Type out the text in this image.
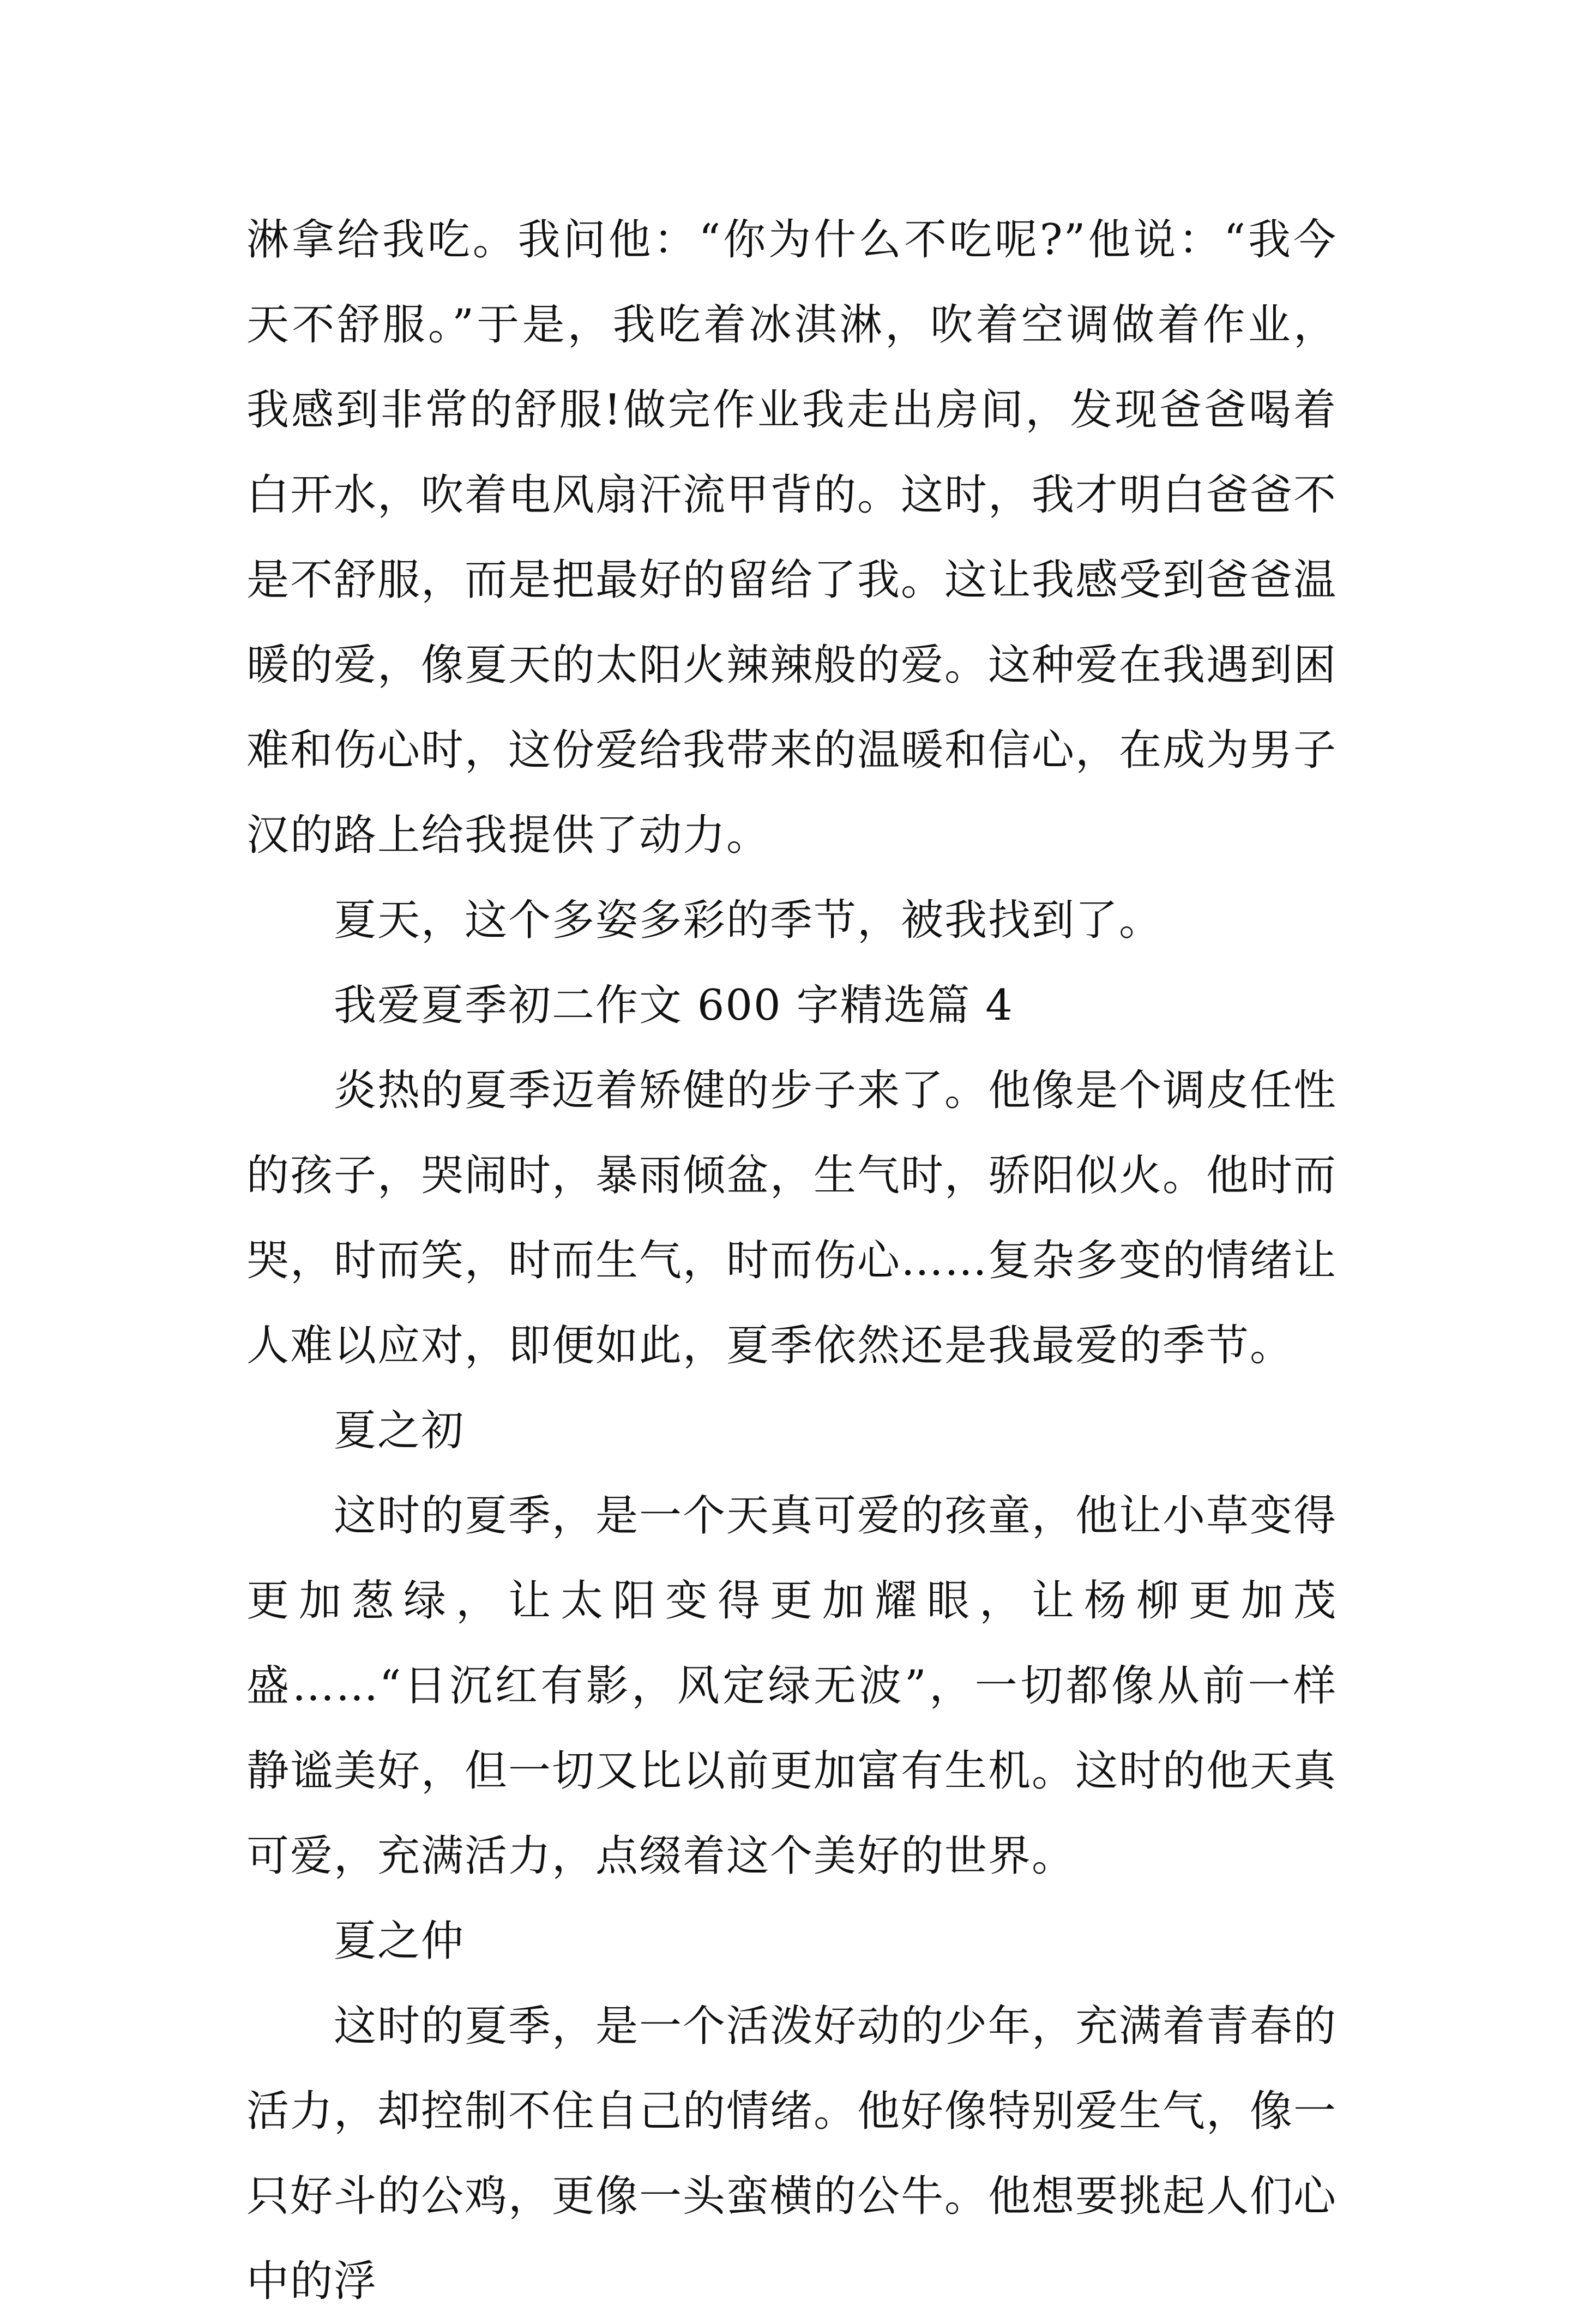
淋拿给我吃。我问他：“你为什么不吃呢?”他说：“我今天不舒服。”于是，我吃着冰淇淋，吹着空调做着作业，我感到非常的舒服!做完作业我走出房间，发现爸爸喝着白开水，吹着电风扇汗流甲背的。这时，我才明白爸爸不是不舒服，而是把最好的留给了我。这让我感受到爸爸温暖的爱，像夏天的太阳火辣辣般的爱。这种爱在我遇到困难和伤心时，这份爱给我带来的温暖和信心，在成为男子汉的路上给我提供了动力。

夏天，这个多姿多彩的季节，被我找到了。

我爱夏季初二作文 600 字精选篇 4

炎热的夏季迈着矫健的步子来了。他像是个调皮任性的孩子，哭闹时，暴雨倾盆，生气时，骄阳似火。他时而哭，时而笑，时而生气，时而伤心……复杂多变的情绪让人难以应对，即便如此，夏季依然还是我最爱的季节。

夏之初

这时的夏季，是一个天真可爱的孩童，他让小草变得更加葱绿，让太阳变得更加耀眼，让杨柳更加茂盛……“日沉红有影，风定绿无波”，一切都像从前一样静谧美好，但一切又比以前更加富有生机。这时的他天真可爱，充满活力，点缀着这个美好的世界。

夏之仲

这时的夏季，是一个活泼好动的少年，充满着青春的活力，却控制不住自己的情绪。他好像特别爱生气，像一只好斗的公鸡，更像一头蛮横的公牛。他想要挑起人们心中的浮
